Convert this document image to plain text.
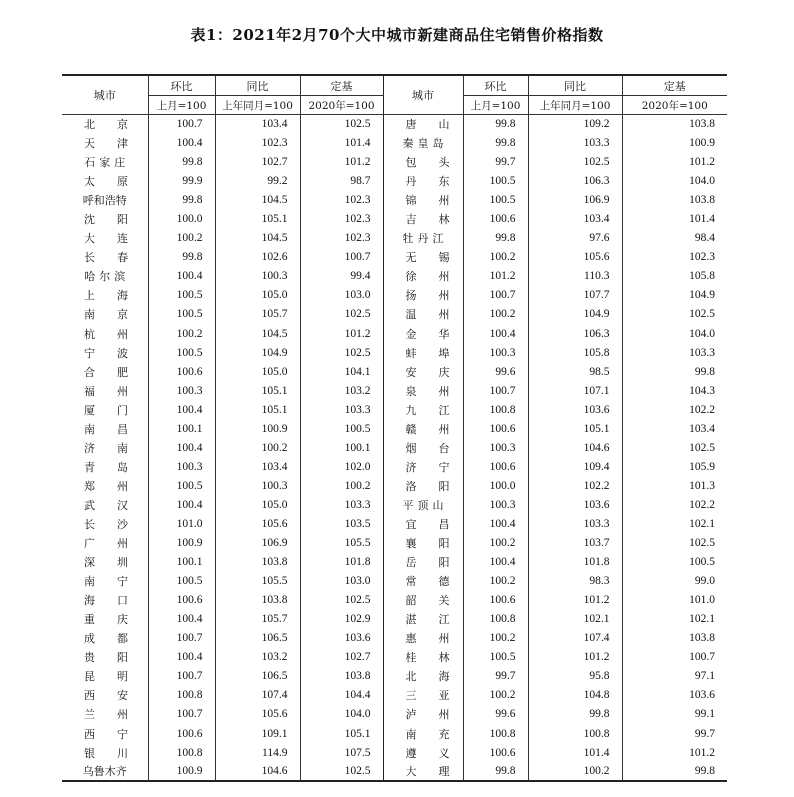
表1：2021年2月70个大中城市新建商品住宅销售价格指数
城市	环比	同比	定基	城市	环比	同比	定基
	上月=100	上年同月=100	2020年=100		上月=100	上年同月=100	2020年=100
北京	100.7	103.4	102.5	唐山	99.8	109.2	103.8
天津	100.4	102.3	101.4	秦皇岛	99.8	103.3	100.9
石家庄	99.8	102.7	101.2	包头	99.7	102.5	101.2
太原	99.9	99.2	98.7	丹东	100.5	106.3	104.0
呼和浩特	99.8	104.5	102.3	锦州	100.5	106.9	103.8
沈阳	100.0	105.1	102.3	吉林	100.6	103.4	101.4
大连	100.2	104.5	102.3	牡丹江	99.8	97.6	98.4
长春	99.8	102.6	100.7	无锡	100.2	105.6	102.3
哈尔滨	100.4	100.3	99.4	徐州	101.2	110.3	105.8
上海	100.5	105.0	103.0	扬州	100.7	107.7	104.9
南京	100.5	105.7	102.5	温州	100.2	104.9	102.5
杭州	100.2	104.5	101.2	金华	100.4	106.3	104.0
宁波	100.5	104.9	102.5	蚌埠	100.3	105.8	103.3
合肥	100.6	105.0	104.1	安庆	99.6	98.5	99.8
福州	100.3	105.1	103.2	泉州	100.7	107.1	104.3
厦门	100.4	105.1	103.3	九江	100.8	103.6	102.2
南昌	100.1	100.9	100.5	赣州	100.6	105.1	103.4
济南	100.4	100.2	100.1	烟台	100.3	104.6	102.5
青岛	100.3	103.4	102.0	济宁	100.6	109.4	105.9
郑州	100.5	100.3	100.2	洛阳	100.0	102.2	101.3
武汉	100.4	105.0	103.3	平顶山	100.3	103.6	102.2
长沙	101.0	105.6	103.5	宜昌	100.4	103.3	102.1
广州	100.9	106.9	105.5	襄阳	100.2	103.7	102.5
深圳	100.1	103.8	101.8	岳阳	100.4	101.8	100.5
南宁	100.5	105.5	103.0	常德	100.2	98.3	99.0
海口	100.6	103.8	102.5	韶关	100.6	101.2	101.0
重庆	100.4	105.7	102.9	湛江	100.8	102.1	102.1
成都	100.7	106.5	103.6	惠州	100.2	107.4	103.8
贵阳	100.4	103.2	102.7	桂林	100.5	101.2	100.7
昆明	100.7	106.5	103.8	北海	99.7	95.8	97.1
西安	100.8	107.4	104.4	三亚	100.2	104.8	103.6
兰州	100.7	105.6	104.0	泸州	99.6	99.8	99.1
西宁	100.6	109.1	105.1	南充	100.8	100.8	99.7
银川	100.8	114.9	107.5	遵义	100.6	101.4	101.2
乌鲁木齐	100.9	104.6	102.5	大理	99.8	100.2	99.8
